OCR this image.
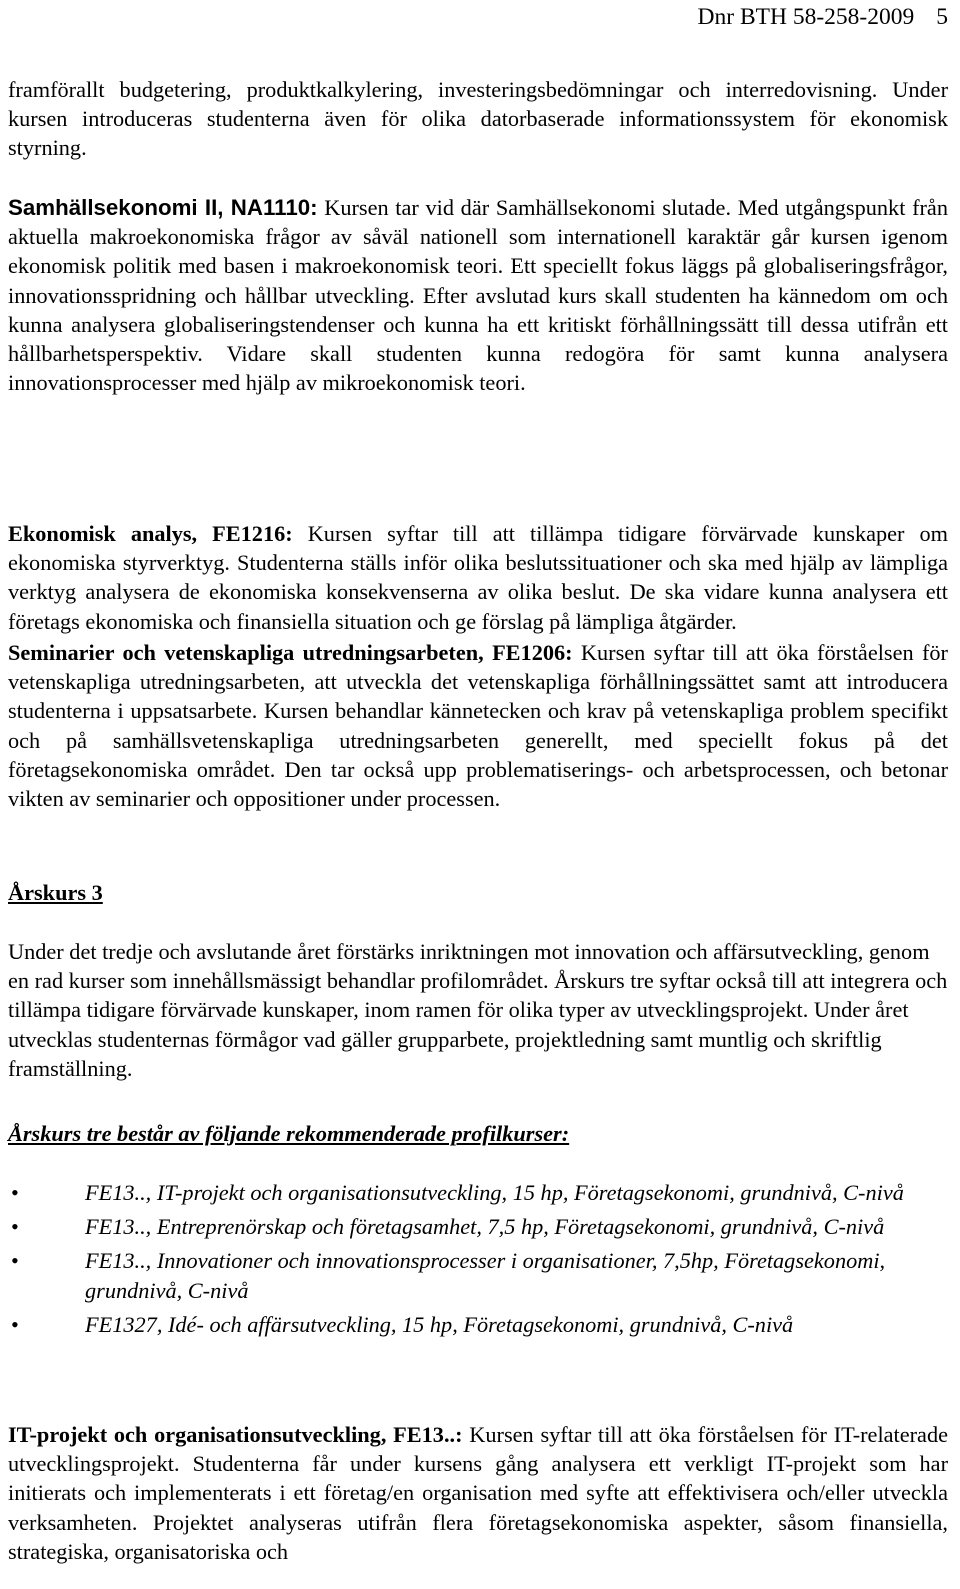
Dnr BTH 58-258-2009 5

framförallt budgetering, produktkalkylering, investeringsbedömningar och interredovisning. Under kursen introduceras studenterna även för olika datorbaserade informationssystem för ekonomisk styrning.

Samhällsekonomi II, NA1110: Kursen tar vid där Samhällsekonomi slutade. Med utgångspunkt från aktuella makroekonomiska frågor av såväl nationell som internationell karaktär går kursen igenom ekonomisk politik med basen i makroekonomisk teori. Ett speciellt fokus läggs på globaliseringsfrågor, innovationsspridning och hållbar utveckling. Efter avslutad kurs skall studenten ha kännedom om och kunna analysera globaliseringstendenser och kunna ha ett kritiskt förhållningssätt till dessa utifrån ett hållbarhetsperspektiv. Vidare skall studenten kunna redogöra för samt kunna analysera innovationsprocesser med hjälp av mikroekonomisk teori.

Ekonomisk analys, FE1216: Kursen syftar till att tillämpa tidigare förvärvade kunskaper om ekonomiska styrverktyg. Studenterna ställs inför olika beslutssituationer och ska med hjälp av lämpliga verktyg analysera de ekonomiska konsekvenserna av olika beslut. De ska vidare kunna analysera ett företags ekonomiska och finansiella situation och ge förslag på lämpliga åtgärder.

Seminarier och vetenskapliga utredningsarbeten, FE1206: Kursen syftar till att öka förståelsen för vetenskapliga utredningsarbeten, att utveckla det vetenskapliga förhållningssättet samt att introducera studenterna i uppsatsarbete. Kursen behandlar kännetecken och krav på vetenskapliga problem specifikt och på samhällsvetenskapliga utredningsarbeten generellt, med speciellt fokus på det företagsekonomiska området. Den tar också upp problematiserings- och arbetsprocessen, och betonar vikten av seminarier och oppositioner under processen.

Årskurs 3

Under det tredje och avslutande året förstärks inriktningen mot innovation och affärsutveckling, genom en rad kurser som innehållsmässigt behandlar profilområdet. Årskurs tre syftar också till att integrera och tillämpa tidigare förvärvade kunskaper, inom ramen för olika typer av utvecklingsprojekt. Under året utvecklas studenternas förmågor vad gäller grupparbete, projektledning samt muntlig och skriftlig framställning.

Årskurs tre består av följande rekommenderade profilkurser:
•	FE13.., IT-projekt och organisationsutveckling, 15 hp, Företagsekonomi, grundnivå, C-nivå
•	FE13.., Entreprenörskap och företagsamhet, 7,5 hp, Företagsekonomi, grundnivå, C-nivå
•	FE13.., Innovationer och innovationsprocesser i organisationer, 7,5hp, Företagsekonomi, grundnivå, C-nivå
•	FE1327, Idé- och affärsutveckling, 15 hp, Företagsekonomi, grundnivå, C-nivå

IT-projekt och organisationsutveckling, FE13..: Kursen syftar till att öka förståelsen för IT-relaterade utvecklingsprojekt. Studenterna får under kursens gång analysera ett verkligt IT-projekt som har initierats och implementerats i ett företag/en organisation med syfte att effektivisera och/eller utveckla verksamheten. Projektet analyseras utifrån flera företagsekonomiska aspekter, såsom finansiella, strategiska, organisatoriska och
